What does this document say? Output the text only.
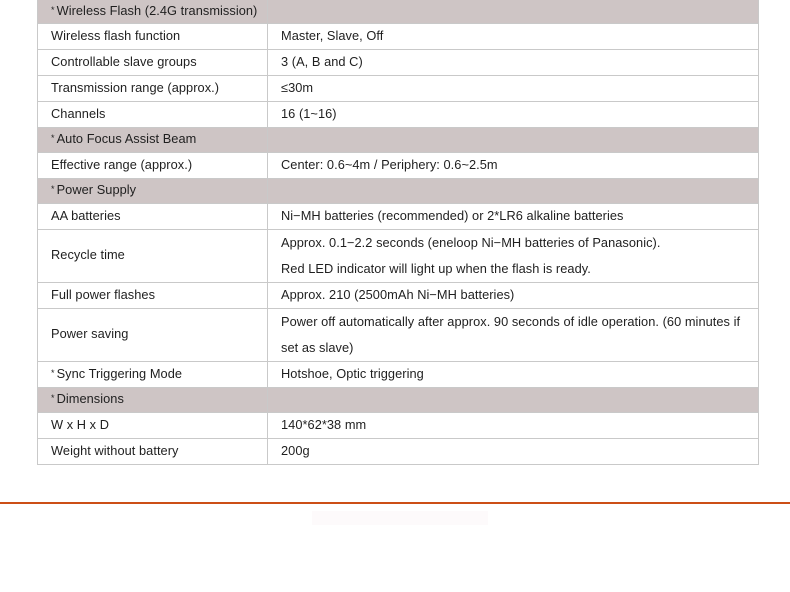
* Wireless Flash (2.4G transmission)	
Wireless flash function	Master, Slave, Off
Controllable slave groups	3 (A, B and C)
Transmission range (approx.)	≤30m
Channels	16 (1~16)
* Auto Focus Assist Beam	
Effective range (approx.)	Center: 0.6~4m / Periphery: 0.6~2.5m
* Power Supply	
AA batteries	Ni−MH batteries (recommended) or 2*LR6 alkaline batteries
Recycle time	Approx. 0.1−2.2 seconds (eneloop Ni−MH batteries of Panasonic).
Red LED indicator will light up when the flash is ready.

Full power flashes	Approx. 210 (2500mAh Ni−MH batteries)
Power saving	Power off automatically after approx. 90 seconds of idle operation. (60 minutes if
set as slave)

* Sync Triggering Mode	Hotshoe, Optic triggering
* Dimensions	
W x H x D	140*62*38 mm
Weight without battery	200g
